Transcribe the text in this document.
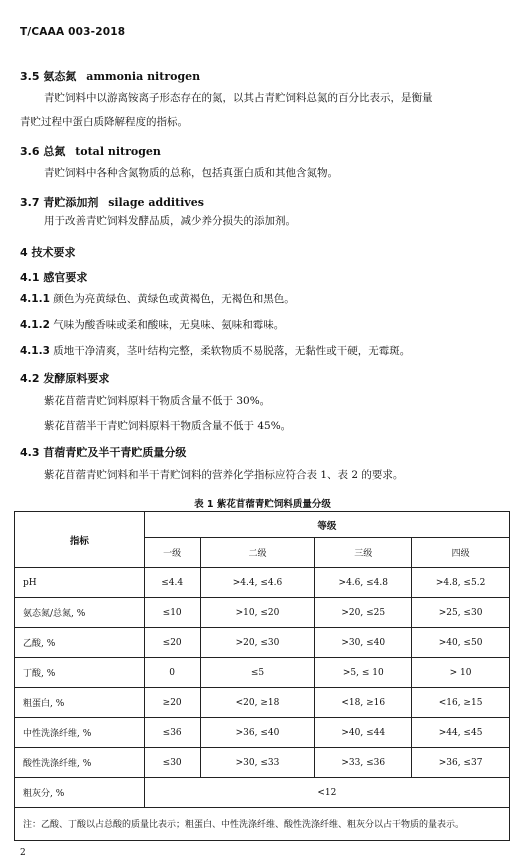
T/CAAA 003-2018
3.5 氨态氮 ammonia nitrogen
青贮饲料中以游离铵离子形态存在的氮，以其占青贮饲料总氮的百分比表示，是衡量
青贮过程中蛋白质降解程度的指标。
3.6 总氮 total nitrogen
青贮饲料中各种含氮物质的总称，包括真蛋白质和其他含氮物。
3.7 青贮添加剂 silage additives
用于改善青贮饲料发酵品质，减少养分损失的添加剂。
4 技术要求
4.1 感官要求
4.1.1 颜色为亮黄绿色、黄绿色或黄褐色，无褐色和黑色。
4.1.2 气味为酸香味或柔和酸味，无臭味、氨味和霉味。
4.1.3 质地干净清爽，茎叶结构完整，柔软物质不易脱落，无黏性或干硬，无霉斑。
4.2 发酵原料要求
紫花苜蓿青贮饲料原料干物质含量不低于 30%。
紫花苜蓿半干青贮饲料原料干物质含量不低于 45%。
4.3 苜蓿青贮及半干青贮质量分级
紫花苜蓿青贮饲料和半干青贮饲料的营养化学指标应符合表 1、表 2 的要求。
表 1 紫花苜蓿青贮饲料质量分级
指标	等级			
	一级	二级	三级	四级
pH	≤4.4	>4.4, ≤4.6	>4.6, ≤4.8	>4.8, ≤5.2
氨态氮/总氮, %	≤10	>10, ≤20	>20, ≤25	>25, ≤30
乙酸, %	≤20	>20, ≤30	>30, ≤40	>40, ≤50
丁酸, %	0	≤5	>5, ≤ 10	> 10
粗蛋白, %	≥20	<20, ≥18	<18, ≥16	<16, ≥15
中性洗涤纤维, %	≤36	>36, ≤40	>40, ≤44	>44, ≤45
酸性洗涤纤维, %	≤30	>30, ≤33	>33, ≤36	>36, ≤37
粗灰分, %	<12			
注：乙酸、丁酸以占总酸的质量比表示；粗蛋白、中性洗涤纤维、酸性洗涤纤维、粗灰分以占干物质的量表示。				
2
